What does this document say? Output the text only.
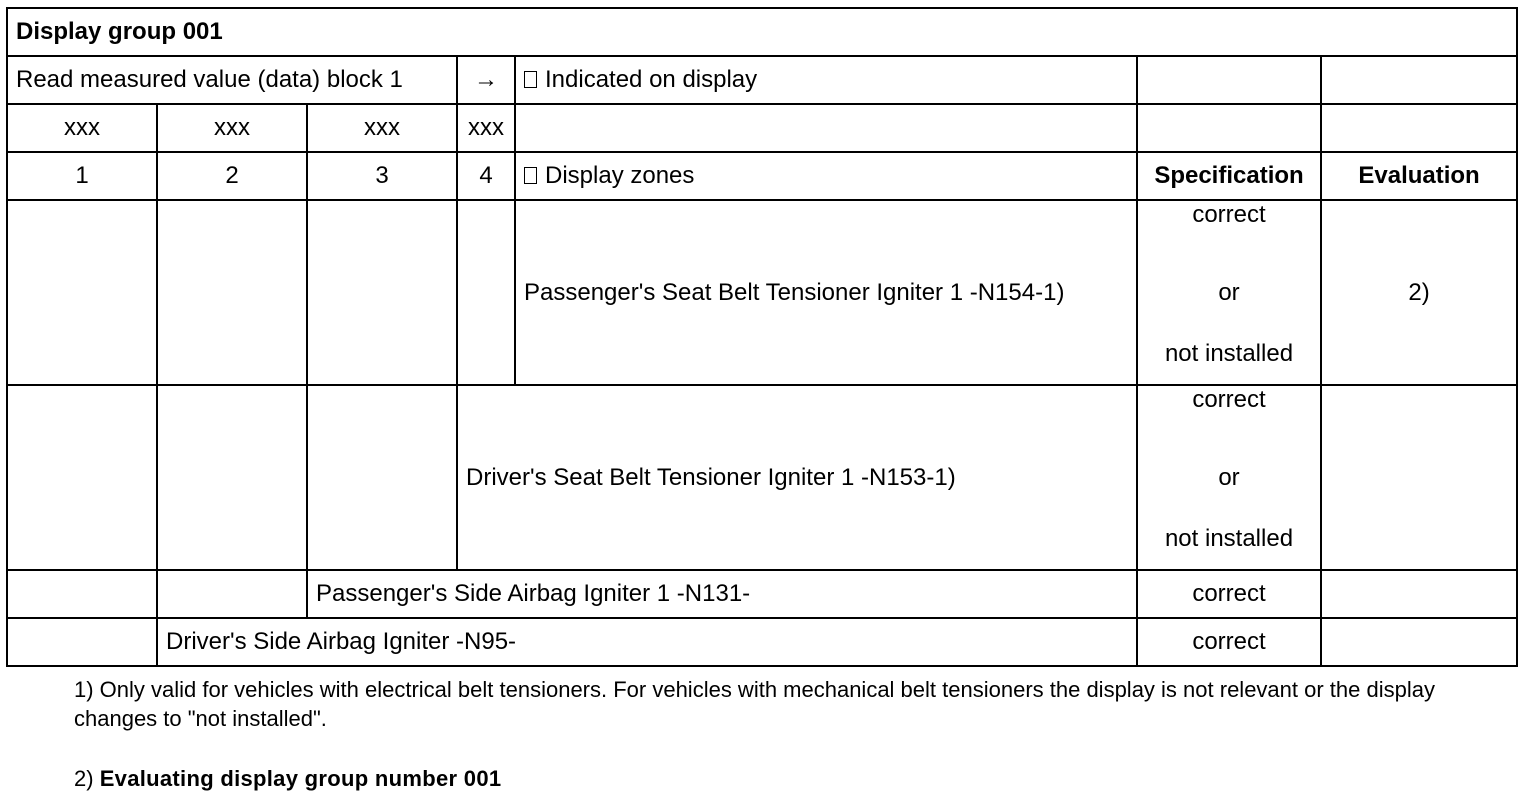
Display group 001						
Read measured value (data) block 1			→	Indicated on display		
xxx	xxx	xxx	xxx			
1	2	3	4	Display zones	Specification	Evaluation
				Passenger's Seat Belt Tensioner Igniter 1 -N154-1)	correct
or
not installed	2)
			Driver's Seat Belt Tensioner Igniter 1 -N153-1)		correct
or
not installed	

		Passenger's Side Airbag Igniter 1 -N131-			correct	
	Driver's Side Airbag Igniter -N95-				correct	
1) Only valid for vehicles with electrical belt tensioners. For vehicles with mechanical belt tensioners the display is not relevant or the display changes to "not installed".
2) Evaluating display group number 001
